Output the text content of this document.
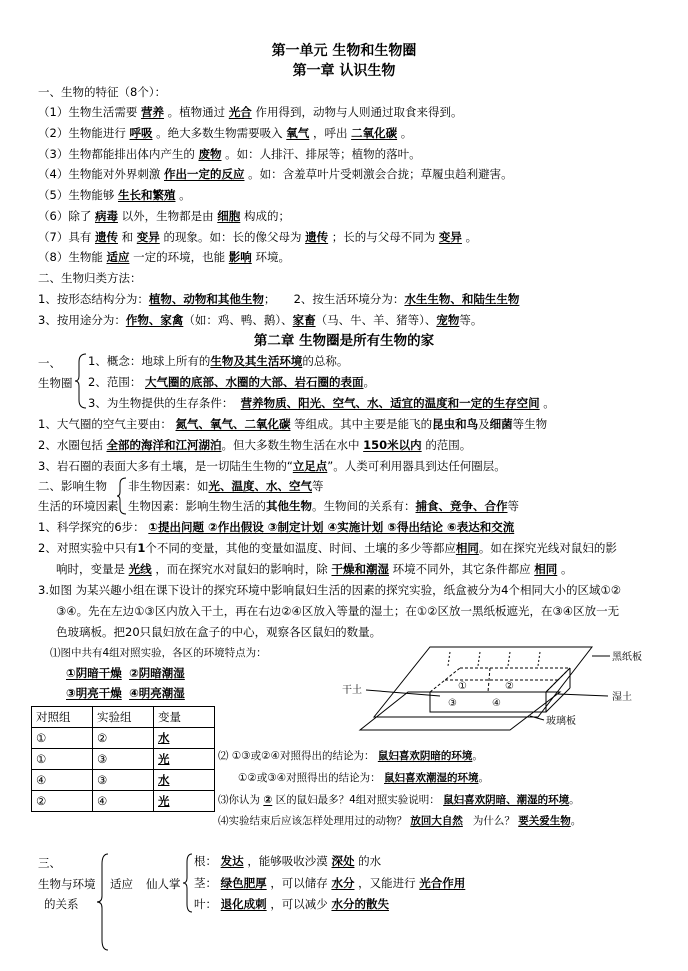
第一单元 生物和生物圈
第一章 认识生物
一、生物的特征（8个）：
（1）生物生活需要 营养 。植物通过 光合 作用得到，动物与人则通过取食来得到。
（2）生物能进行 呼吸 。绝大多数生物需要吸入 氧气 ，呼出 二氧化碳 。
（3）生物都能排出体内产生的 废物 。如：人排汗、排尿等；植物的落叶。
（4）生物能对外界刺激 作出一定的反应 。如：含羞草叶片受刺激会合拢；草履虫趋利避害。
（5）生物能够 生长和繁殖 。
（6）除了 病毒 以外，生物都是由 细胞 构成的；
（7）具有 遗传 和 变异 的现象。如：长的像父母为 遗传 ；长的与父母不同为 变异 。
（8）生物能 适应 一定的环境，也能 影响 环境。
二、生物归类方法：
1、按形态结构分为：植物、动物和其他生物； 2、按生活环境分为：水生生物、和陆生生物
3、按用途分为：作物、家禽（如：鸡、鸭、鹅）、家畜（马、牛、羊、猪等）、宠物等。
第二章 生物圈是所有生物的家
一、
生物圈
1、概念：地球上所有的生物及其生活环境的总称。
2、范围： 大气圈的底部、水圈的大部、岩石圈的表面。
3、为生物提供的生存条件： 营养物质、阳光、空气、水、适宜的温度和一定的生存空间 。
1、大气圈的空气主要由： 氮气、氧气、二氧化碳 等组成。其中主要是能飞的昆虫和鸟及细菌等生物
2、水圈包括 全部的海洋和江河湖泊。但大多数生物生活在水中 150米以内 的范围。
3、岩石圈的表面大多有土壤，是一切陆生生物的“立足点”。人类可利用器具到达任何圈层。
二、影响生物
生活的环境因素
非生物因素：如光、温度、水、空气等
生物因素：影响生物生活的其他生物。生物间的关系有：捕食、竞争、合作等
1、科学探究的6步： ①提出问题 ②作出假设 ③制定计划 ④实施计划 ⑤得出结论 ⑥表达和交流
2、对照实验中只有1个不同的变量，其他的变量如温度、时间、土壤的多少等都应相同。如在探究光线对鼠妇的影
响时，变量是 光线 ，而在探究水对鼠妇的影响时，除 干燥和潮湿 环境不同外，其它条件都应 相同 。
3.如图 为某兴趣小组在课下设计的探究环境中影响鼠妇生活的因素的探究实验，纸盒被分为4个相同大小的区域①②
③④。先在左边①③区内放入干土，再在右边②④区放入等量的湿土；在①②区放一黑纸板遮光，在③④区放一无
色玻璃板。把20只鼠妇放在盒子的中心，观察各区鼠妇的数量。
⑴图中共有4组对照实验，各区的环境特点为：
①阴暗干燥 ②阴暗潮湿
③明亮干燥 ④明亮潮湿
对照组	实验组	变量
①	②	水
①	③	光
④	③	水
②	④	光
①	②
③	④
黑纸板
干土
湿土
玻璃板
⑵ ①③或②④对照得出的结论为： 鼠妇喜欢阴暗的环境。
①②或③④对照得出的结论为： 鼠妇喜欢潮湿的环境。
⑶你认为 ② 区的鼠妇最多？4组对照实验说明： 鼠妇喜欢阴暗、潮湿的环境。
⑷实验结束后应该怎样处理用过的动物？ 放回大自然 为什么？ 要关爱生物。
三、
生物与环境
的关系
适应 仙人掌
根： 发达 ，能够吸收沙漠 深处 的水
茎： 绿色肥厚 ，可以储存 水分 ，又能进行 光合作用
叶： 退化成刺 ，可以减少 水分的散失
